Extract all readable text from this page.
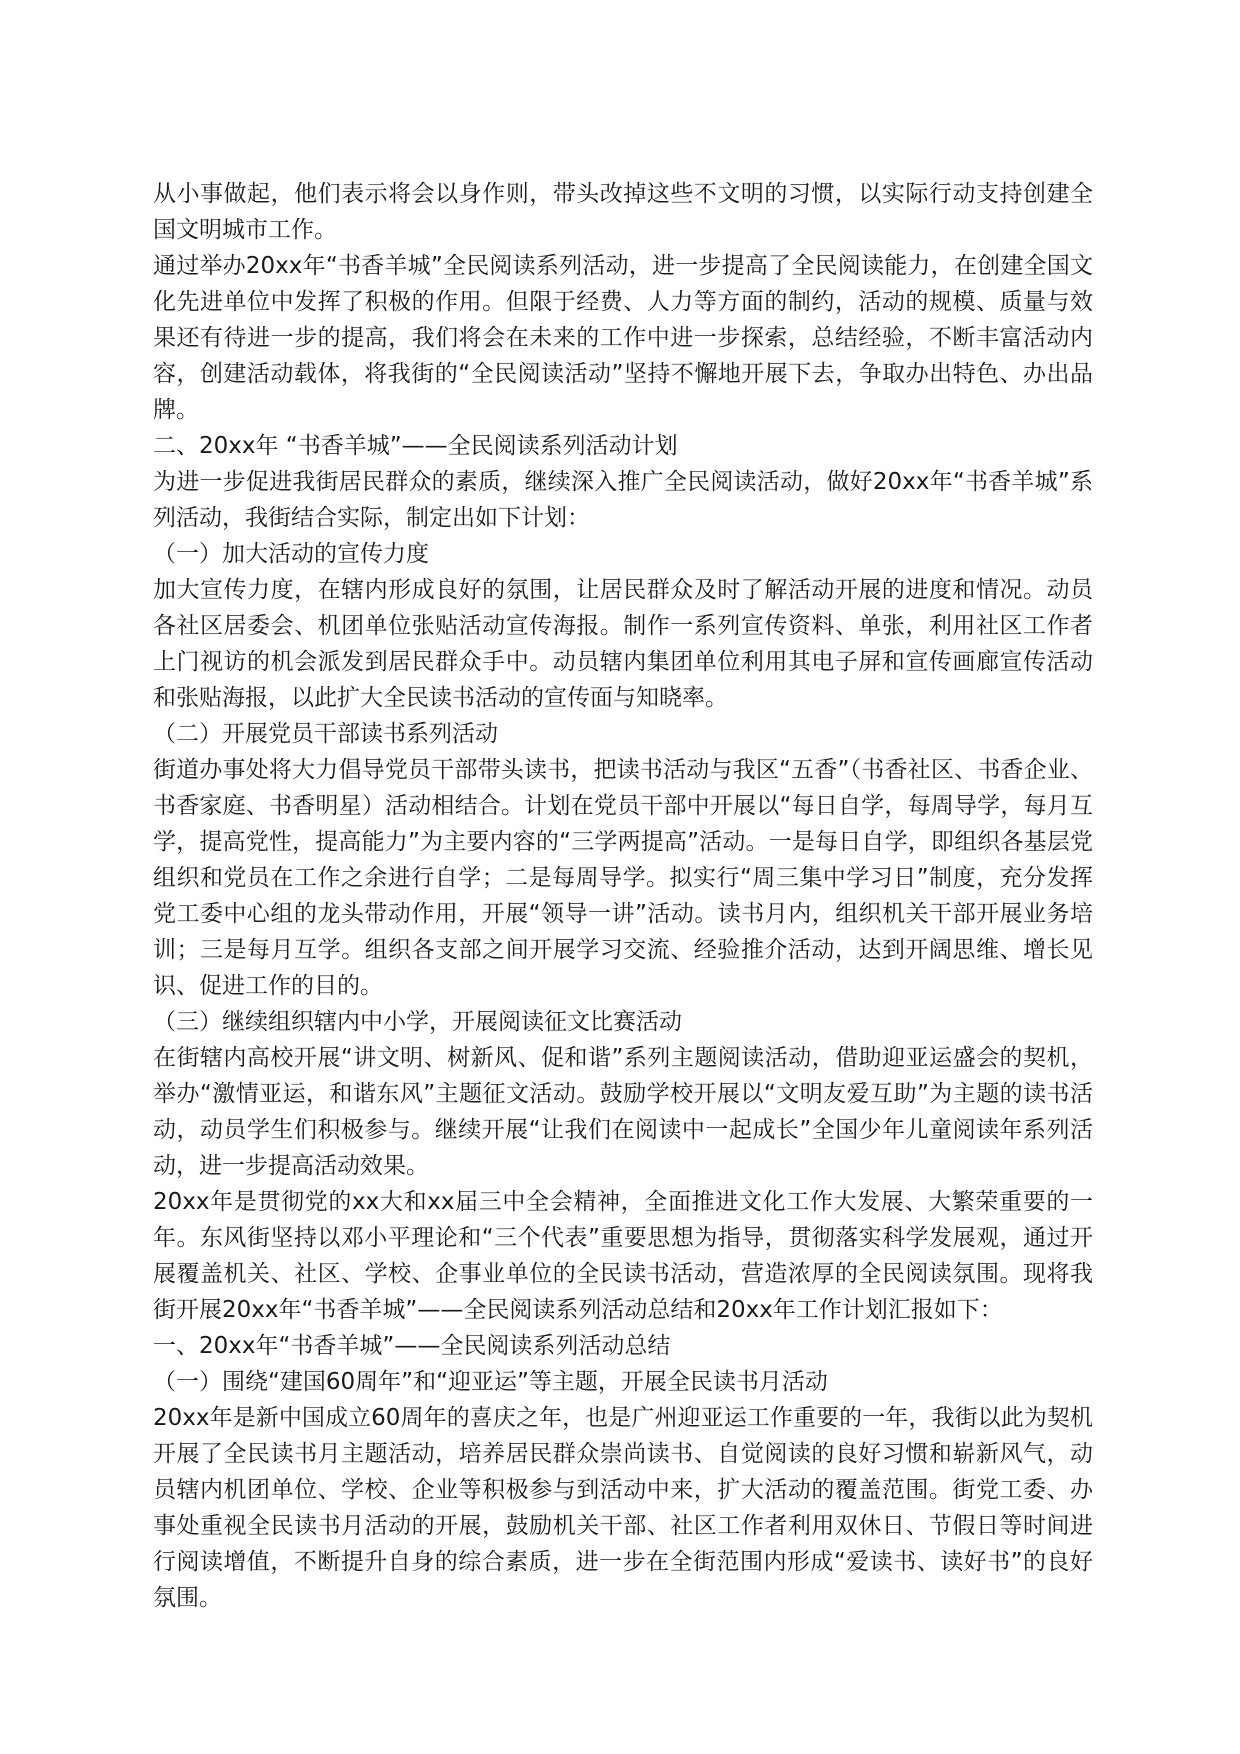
从小事做起，他们表示将会以身作则，带头改掉这些不文明的习惯，以实际行动支持创建全国文明城市工作。

通过举办20xx年“书香羊城”全民阅读系列活动，进一步提高了全民阅读能力，在创建全国文化先进单位中发挥了积极的作用。但限于经费、人力等方面的制约，活动的规模、质量与效果还有待进一步的提高，我们将会在未来的工作中进一步探索，总结经验，不断丰富活动内容，创建活动载体，将我街的“全民阅读活动”坚持不懈地开展下去，争取办出特色、办出品牌。

二、20xx年 “书香羊城”——全民阅读系列活动计划

为进一步促进我街居民群众的素质，继续深入推广全民阅读活动，做好20xx年“书香羊城”系列活动，我街结合实际，制定出如下计划：

（一）加大活动的宣传力度

加大宣传力度，在辖内形成良好的氛围，让居民群众及时了解活动开展的进度和情况。动员各社区居委会、机团单位张贴活动宣传海报。制作一系列宣传资料、单张，利用社区工作者上门视访的机会派发到居民群众手中。动员辖内集团单位利用其电子屏和宣传画廊宣传活动和张贴海报，以此扩大全民读书活动的宣传面与知晓率。

（二）开展党员干部读书系列活动

街道办事处将大力倡导党员干部带头读书，把读书活动与我区“五香”（书香社区、书香企业、书香家庭、书香明星）活动相结合。计划在党员干部中开展以“每日自学，每周导学，每月互学，提高党性，提高能力”为主要内容的“三学两提高”活动。一是每日自学，即组织各基层党组织和党员在工作之余进行自学；二是每周导学。拟实行“周三集中学习日”制度，充分发挥党工委中心组的龙头带动作用，开展“领导一讲”活动。读书月内，组织机关干部开展业务培训；三是每月互学。组织各支部之间开展学习交流、经验推介活动，达到开阔思维、增长见识、促进工作的目的。

（三）继续组织辖内中小学，开展阅读征文比赛活动

在街辖内高校开展“讲文明、树新风、促和谐”系列主题阅读活动，借助迎亚运盛会的契机，举办“激情亚运，和谐东风”主题征文活动。鼓励学校开展以“文明友爱互助”为主题的读书活动，动员学生们积极参与。继续开展“让我们在阅读中一起成长”全国少年儿童阅读年系列活动，进一步提高活动效果。

20xx年是贯彻党的xx大和xx届三中全会精神，全面推进文化工作大发展、大繁荣重要的一年。东风街坚持以邓小平理论和“三个代表”重要思想为指导，贯彻落实科学发展观，通过开展覆盖机关、社区、学校、企事业单位的全民读书活动，营造浓厚的全民阅读氛围。现将我街开展20xx年“书香羊城”——全民阅读系列活动总结和20xx年工作计划汇报如下：

一、20xx年“书香羊城”——全民阅读系列活动总结

（一）围绕“建国60周年”和“迎亚运”等主题，开展全民读书月活动

20xx年是新中国成立60周年的喜庆之年，也是广州迎亚运工作重要的一年，我街以此为契机开展了全民读书月主题活动，培养居民群众崇尚读书、自觉阅读的良好习惯和崭新风气，动员辖内机团单位、学校、企业等积极参与到活动中来，扩大活动的覆盖范围。街党工委、办事处重视全民读书月活动的开展，鼓励机关干部、社区工作者利用双休日、节假日等时间进行阅读增值，不断提升自身的综合素质，进一步在全街范围内形成“爱读书、读好书”的良好氛围。
